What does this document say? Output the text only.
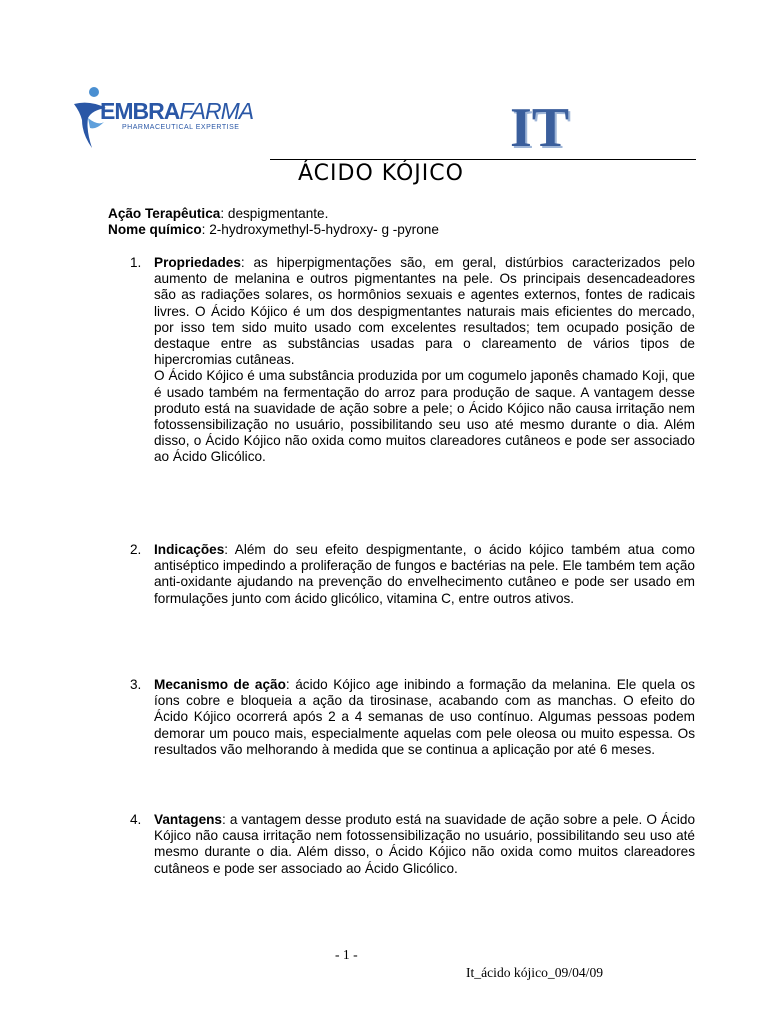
EMBRAFARMA
PHARMACEUTICAL EXPERTISE	IT
ÁCIDO KÓJICO
Ação Terapêutica: despigmentante.
Nome químico: 2-hydroxymethyl-5-hydroxy- g -pyrone
1. Propriedades: as hiperpigmentações são, em geral, distúrbios caracterizados pelo aumento de melanina e outros pigmentantes na pele. Os principais desencadeadores são as radiações solares, os hormônios sexuais e agentes externos, fontes de radicais livres. O Ácido Kójico é um dos despigmentantes naturais mais eficientes do mercado, por isso tem sido muito usado com excelentes resultados; tem ocupado posição de destaque entre as substâncias usadas para o clareamento de vários tipos de hipercromias cutâneas.
O Ácido Kójico é uma substância produzida por um cogumelo japonês chamado Koji, que é usado também na fermentação do arroz para produção de saque. A vantagem desse produto está na suavidade de ação sobre a pele; o Ácido Kójico não causa irritação nem fotossensibilização no usuário, possibilitando seu uso até mesmo durante o dia. Além disso, o Ácido Kójico não oxida como muitos clareadores cutâneos e pode ser associado ao Ácido Glicólico.
2. Indicações: Além do seu efeito despigmentante, o ácido kójico também atua como antiséptico impedindo a proliferação de fungos e bactérias na pele. Ele também tem ação anti-oxidante ajudando na prevenção do envelhecimento cutâneo e pode ser usado em formulações junto com ácido glicólico, vitamina C, entre outros ativos.
3. Mecanismo de ação: ácido Kójico age inibindo a formação da melanina. Ele quela os íons cobre e bloqueia a ação da tirosinase, acabando com as manchas. O efeito do Ácido Kójico ocorrerá após 2 a 4 semanas de uso contínuo. Algumas pessoas podem demorar um pouco mais, especialmente aquelas com pele oleosa ou muito espessa. Os resultados vão melhorando à medida que se continua a aplicação por até 6 meses.
4. Vantagens: a vantagem desse produto está na suavidade de ação sobre a pele. O Ácido Kójico não causa irritação nem fotossensibilização no usuário, possibilitando seu uso até mesmo durante o dia. Além disso, o Ácido Kójico não oxida como muitos clareadores cutâneos e pode ser associado ao Ácido Glicólico.
- 1 -
It_ácido kójico_09/04/09
